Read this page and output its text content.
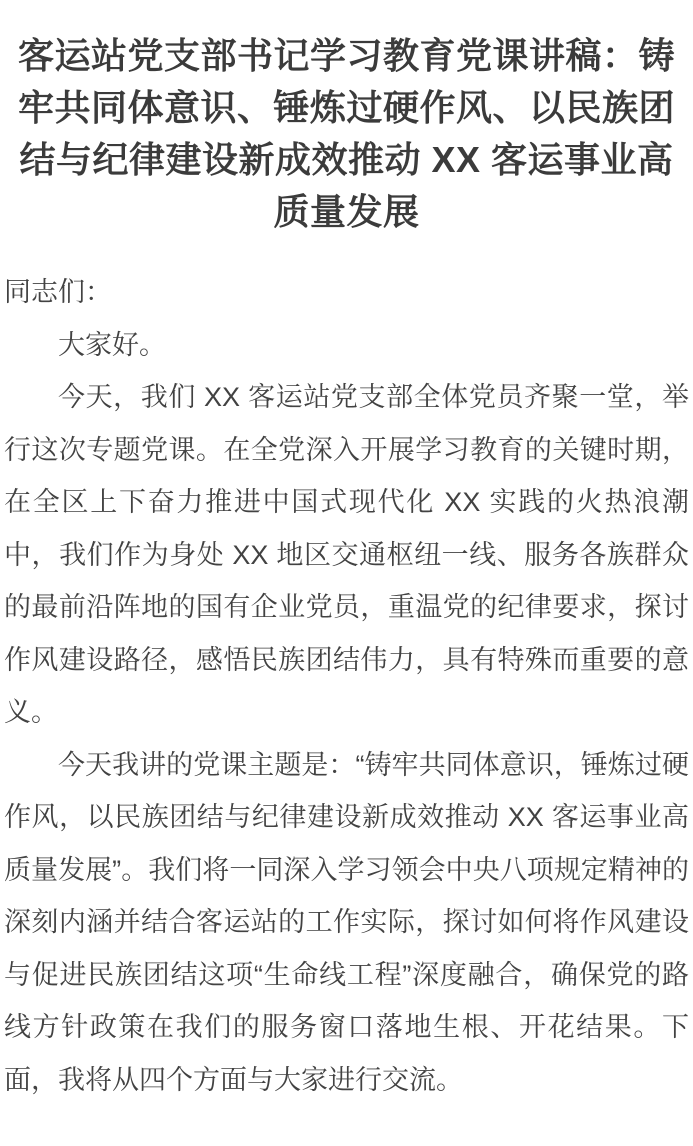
客运站党支部书记学习教育党课讲稿：铸牢共同体意识、锤炼过硬作风、以民族团结与纪律建设新成效推动 XX 客运事业高质量发展

同志们：

大家好。

今天，我们 XX 客运站党支部全体党员齐聚一堂，举行这次专题党课。在全党深入开展学习教育的关键时期，在全区上下奋力推进中国式现代化 XX 实践的火热浪潮中，我们作为身处 XX 地区交通枢纽一线、服务各族群众的最前沿阵地的国有企业党员，重温党的纪律要求，探讨作风建设路径，感悟民族团结伟力，具有特殊而重要的意义。

今天我讲的党课主题是：“铸牢共同体意识，锤炼过硬作风，以民族团结与纪律建设新成效推动 XX 客运事业高质量发展”。我们将一同深入学习领会中央八项规定精神的深刻内涵并结合客运站的工作实际，探讨如何将作风建设与促进民族团结这项“生命线工程”深度融合，确保党的路线方针政策在我们的服务窗口落地生根、开花结果。下面，我将从四个方面与大家进行交流。
